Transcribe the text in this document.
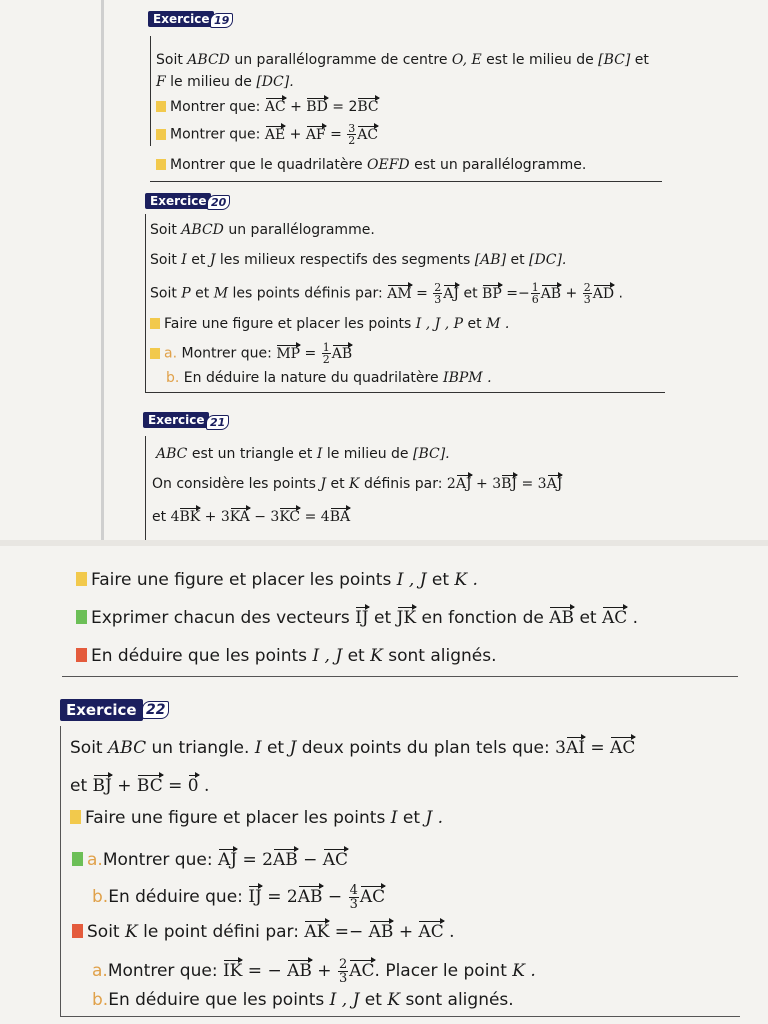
Exercice 19
Soit ABCD un parallélogramme de centre O, E est le milieu de [BC] et
F le milieu de [DC].
Montrer que: AC + BD = 2BC
Montrer que: AE + AF = $\frac{3}{2}$ AC
Montrer que le quadrilatère OEFD est un parallélogramme.
Exercice 20
Soit ABCD un parallélogramme.
Soit I et J les milieux respectifs des segments [AB] et [DC].
Soit P et M les points définis par: AM = $\frac{2}{3}$ AJ et BP =− $\frac{1}{6}$ AB + $\frac{2}{3}$ AD .
Faire une figure et placer les points I , J , P et M .
a. Montrer que: MP = $\frac{1}{2}$ AB
b. En déduire la nature du quadrilatère IBPM .
Exercice 21
ABC est un triangle et I le milieu de [BC].
On considère les points J et K définis par: 2AJ + 3BJ = 3AJ
et 4BK + 3KA − 3KC = 4BA
Faire une figure et placer les points I , J et K .
Exprimer chacun des vecteurs IJ et JK en fonction de AB et AC .
En déduire que les points I , J et K sont alignés.
Exercice 22
Soit ABC un triangle. I et J deux points du plan tels que: 3AI = AC
et BJ + BC = 0 .
Faire une figure et placer les points I et J .
a.Montrer que: AJ = 2AB − AC
b.En déduire que: IJ = $2AB - \frac{4}{3}$ AC
Soit K le point défini par: AK =− AB + AC .
a.Montrer que: IK = − AB + $\frac{2}{3}$ AC. Placer le point K .
b.En déduire que les points I , J et K sont alignés.
